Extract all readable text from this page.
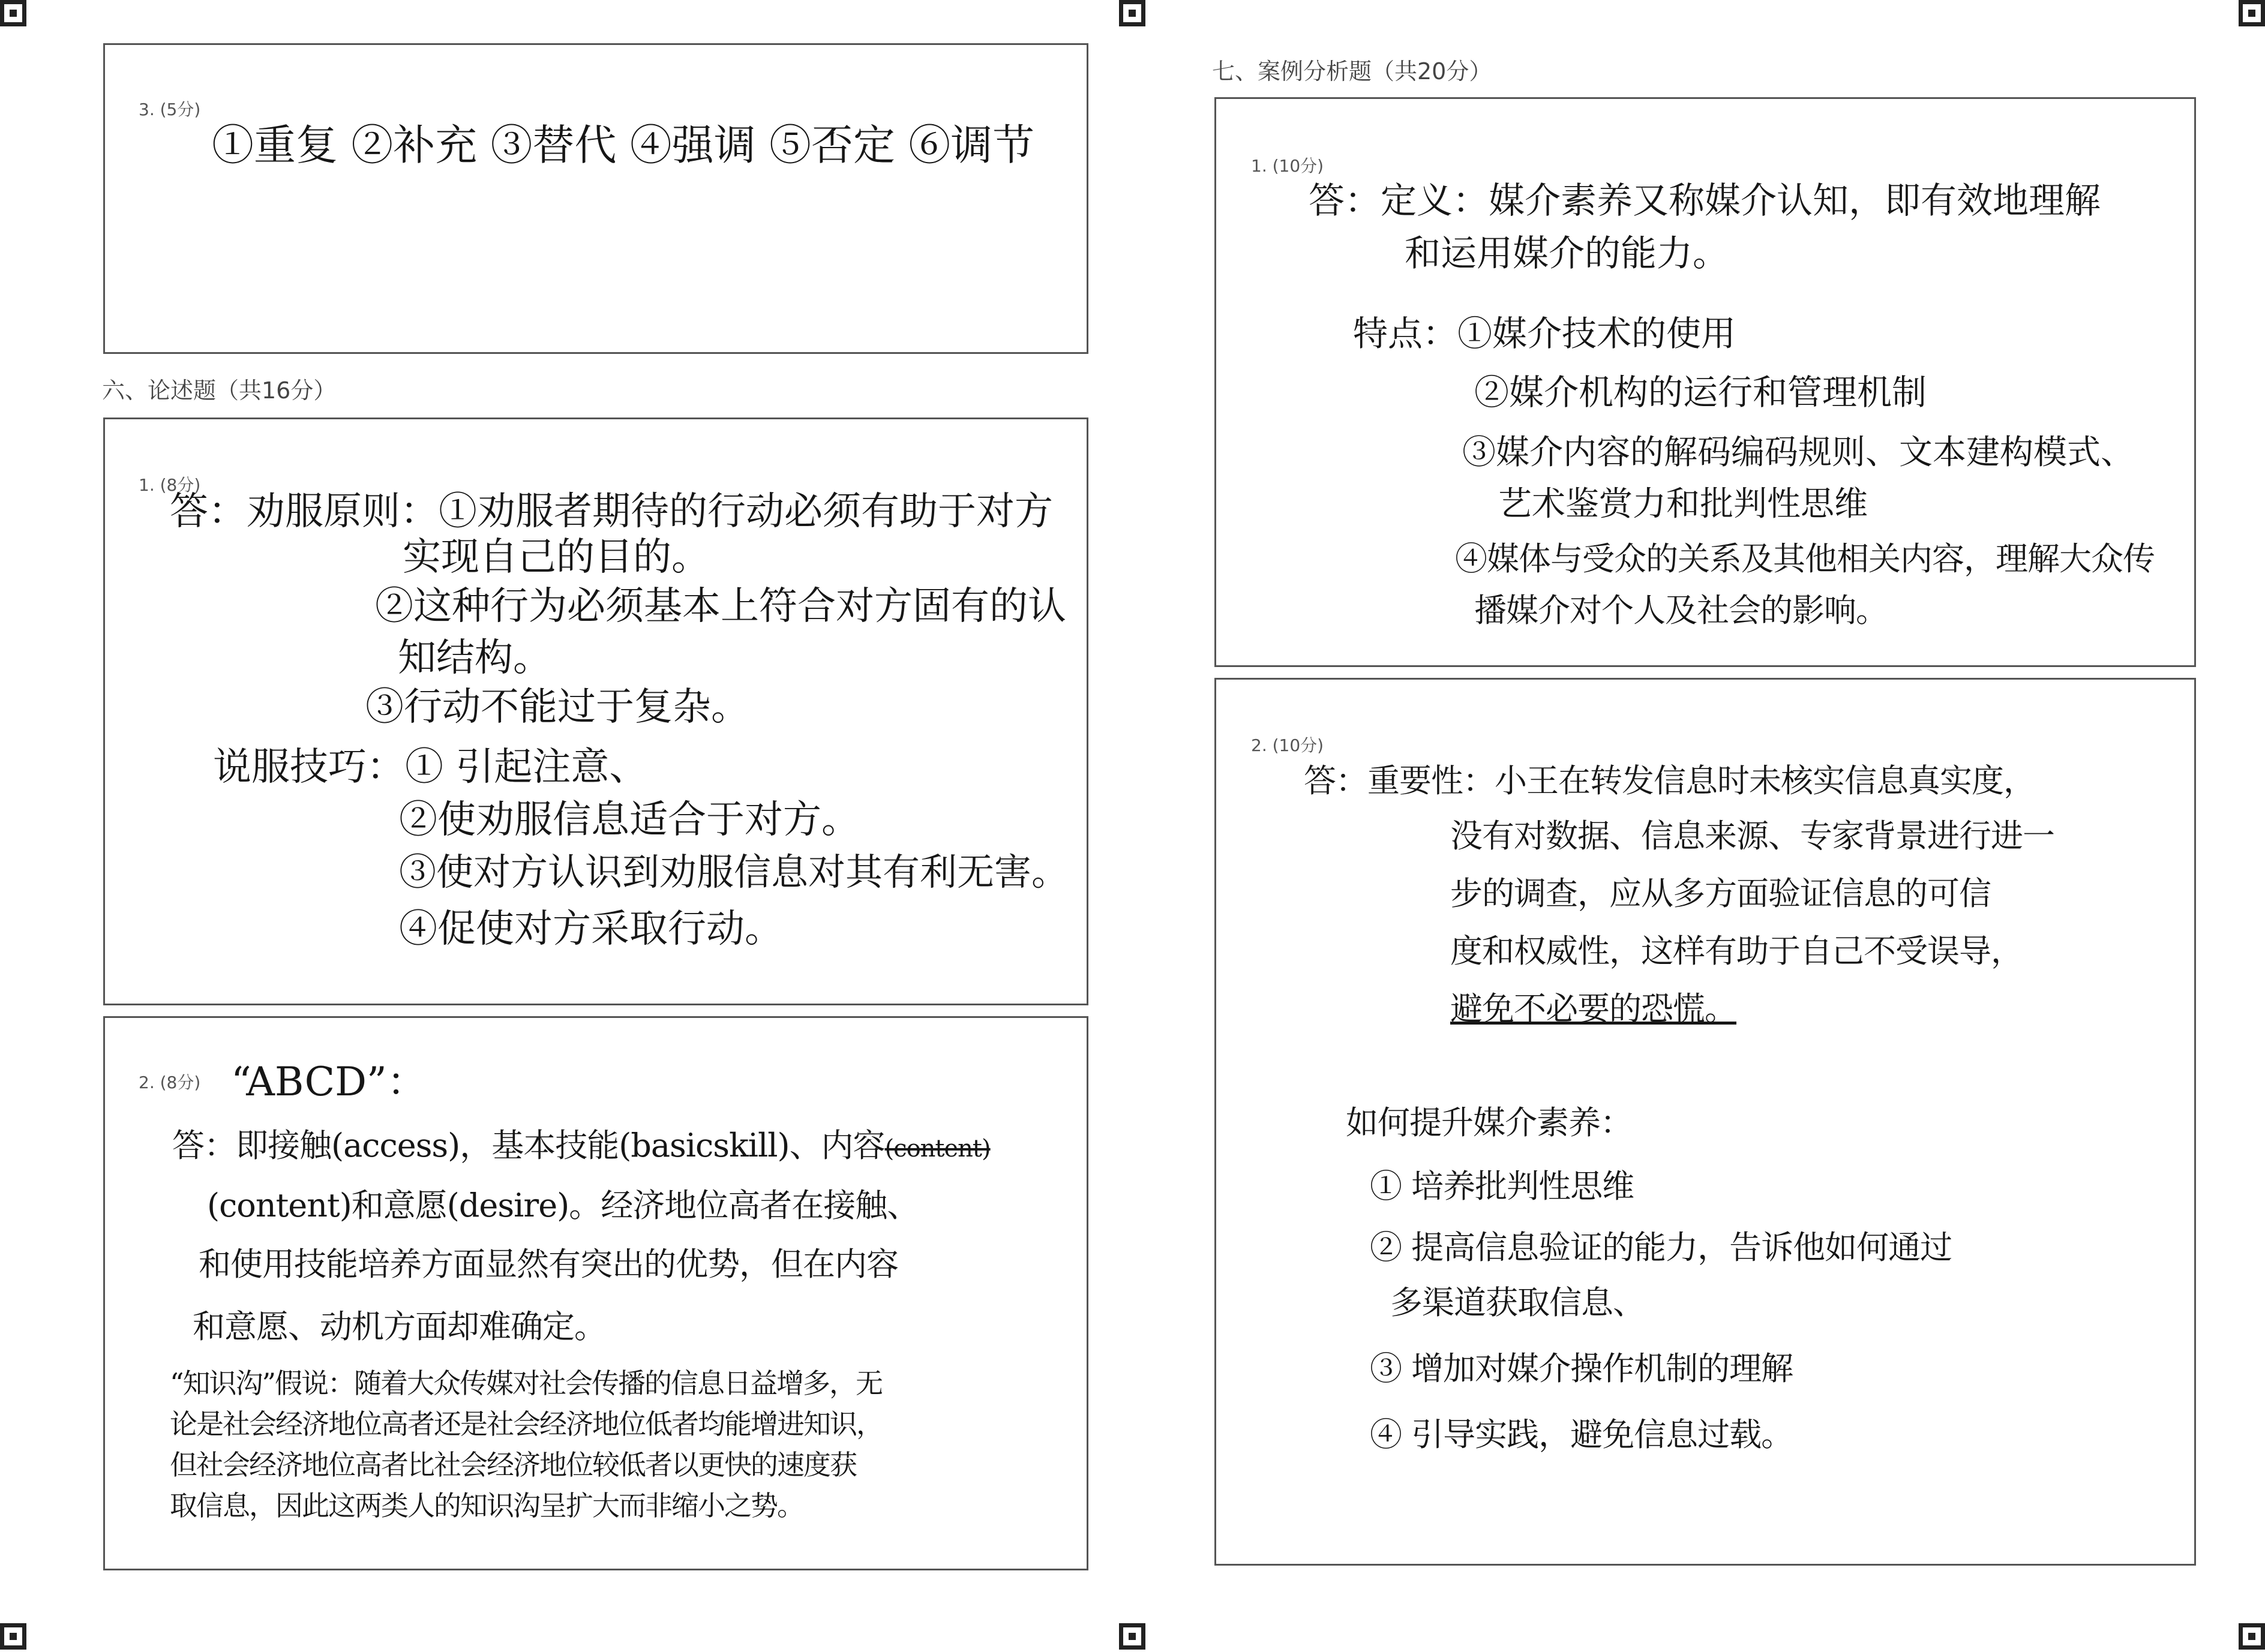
3. (5分)
①重复 ②补充 ③替代 ④强调 ⑤否定 ⑥调节
六、论述题（共16分）
1. (8分)
答：劝服原则：①劝服者期待的行动必须有助于对方
实现自己的目的。
②这种行为必须基本上符合对方固有的认
知结构。
③行动不能过于复杂。
说服技巧：① 引起注意、
②使劝服信息适合于对方。
③使对方认识到劝服信息对其有利无害。
④促使对方采取行动。
2. (8分) “ABCD”：
答：即接触(access)，基本技能(basicskill)、内容(content)
(content)和意愿(desire)。经济地位高者在接触、
和使用技能培养方面显然有突出的优势，但在内容
和意愿、动机方面却难确定。
“知识沟”假说：随着大众传媒对社会传播的信息日益增多，无
论是社会经济地位高者还是社会经济地位低者均能增进知识，
但社会经济地位高者比社会经济地位较低者以更快的速度获
取信息，因此这两类人的知识沟呈扩大而非缩小之势。
七、案例分析题（共20分）
1. (10分)
答：定义：媒介素养又称媒介认知，即有效地理解
和运用媒介的能力。
特点：①媒介技术的使用
②媒介机构的运行和管理机制
③媒介内容的解码编码规则、文本建构模式、
艺术鉴赏力和批判性思维
④媒体与受众的关系及其他相关内容，理解大众传
播媒介对个人及社会的影响。
2. (10分)
答：重要性：小王在转发信息时未核实信息真实度，
没有对数据、信息来源、专家背景进行进一
步的调查，应从多方面验证信息的可信
度和权威性，这样有助于自己不受误导，
避免不必要的恐慌。
如何提升媒介素养：
① 培养批判性思维
② 提高信息验证的能力，告诉他如何通过
多渠道获取信息、
③ 增加对媒介操作机制的理解
④ 引导实践，避免信息过载。
